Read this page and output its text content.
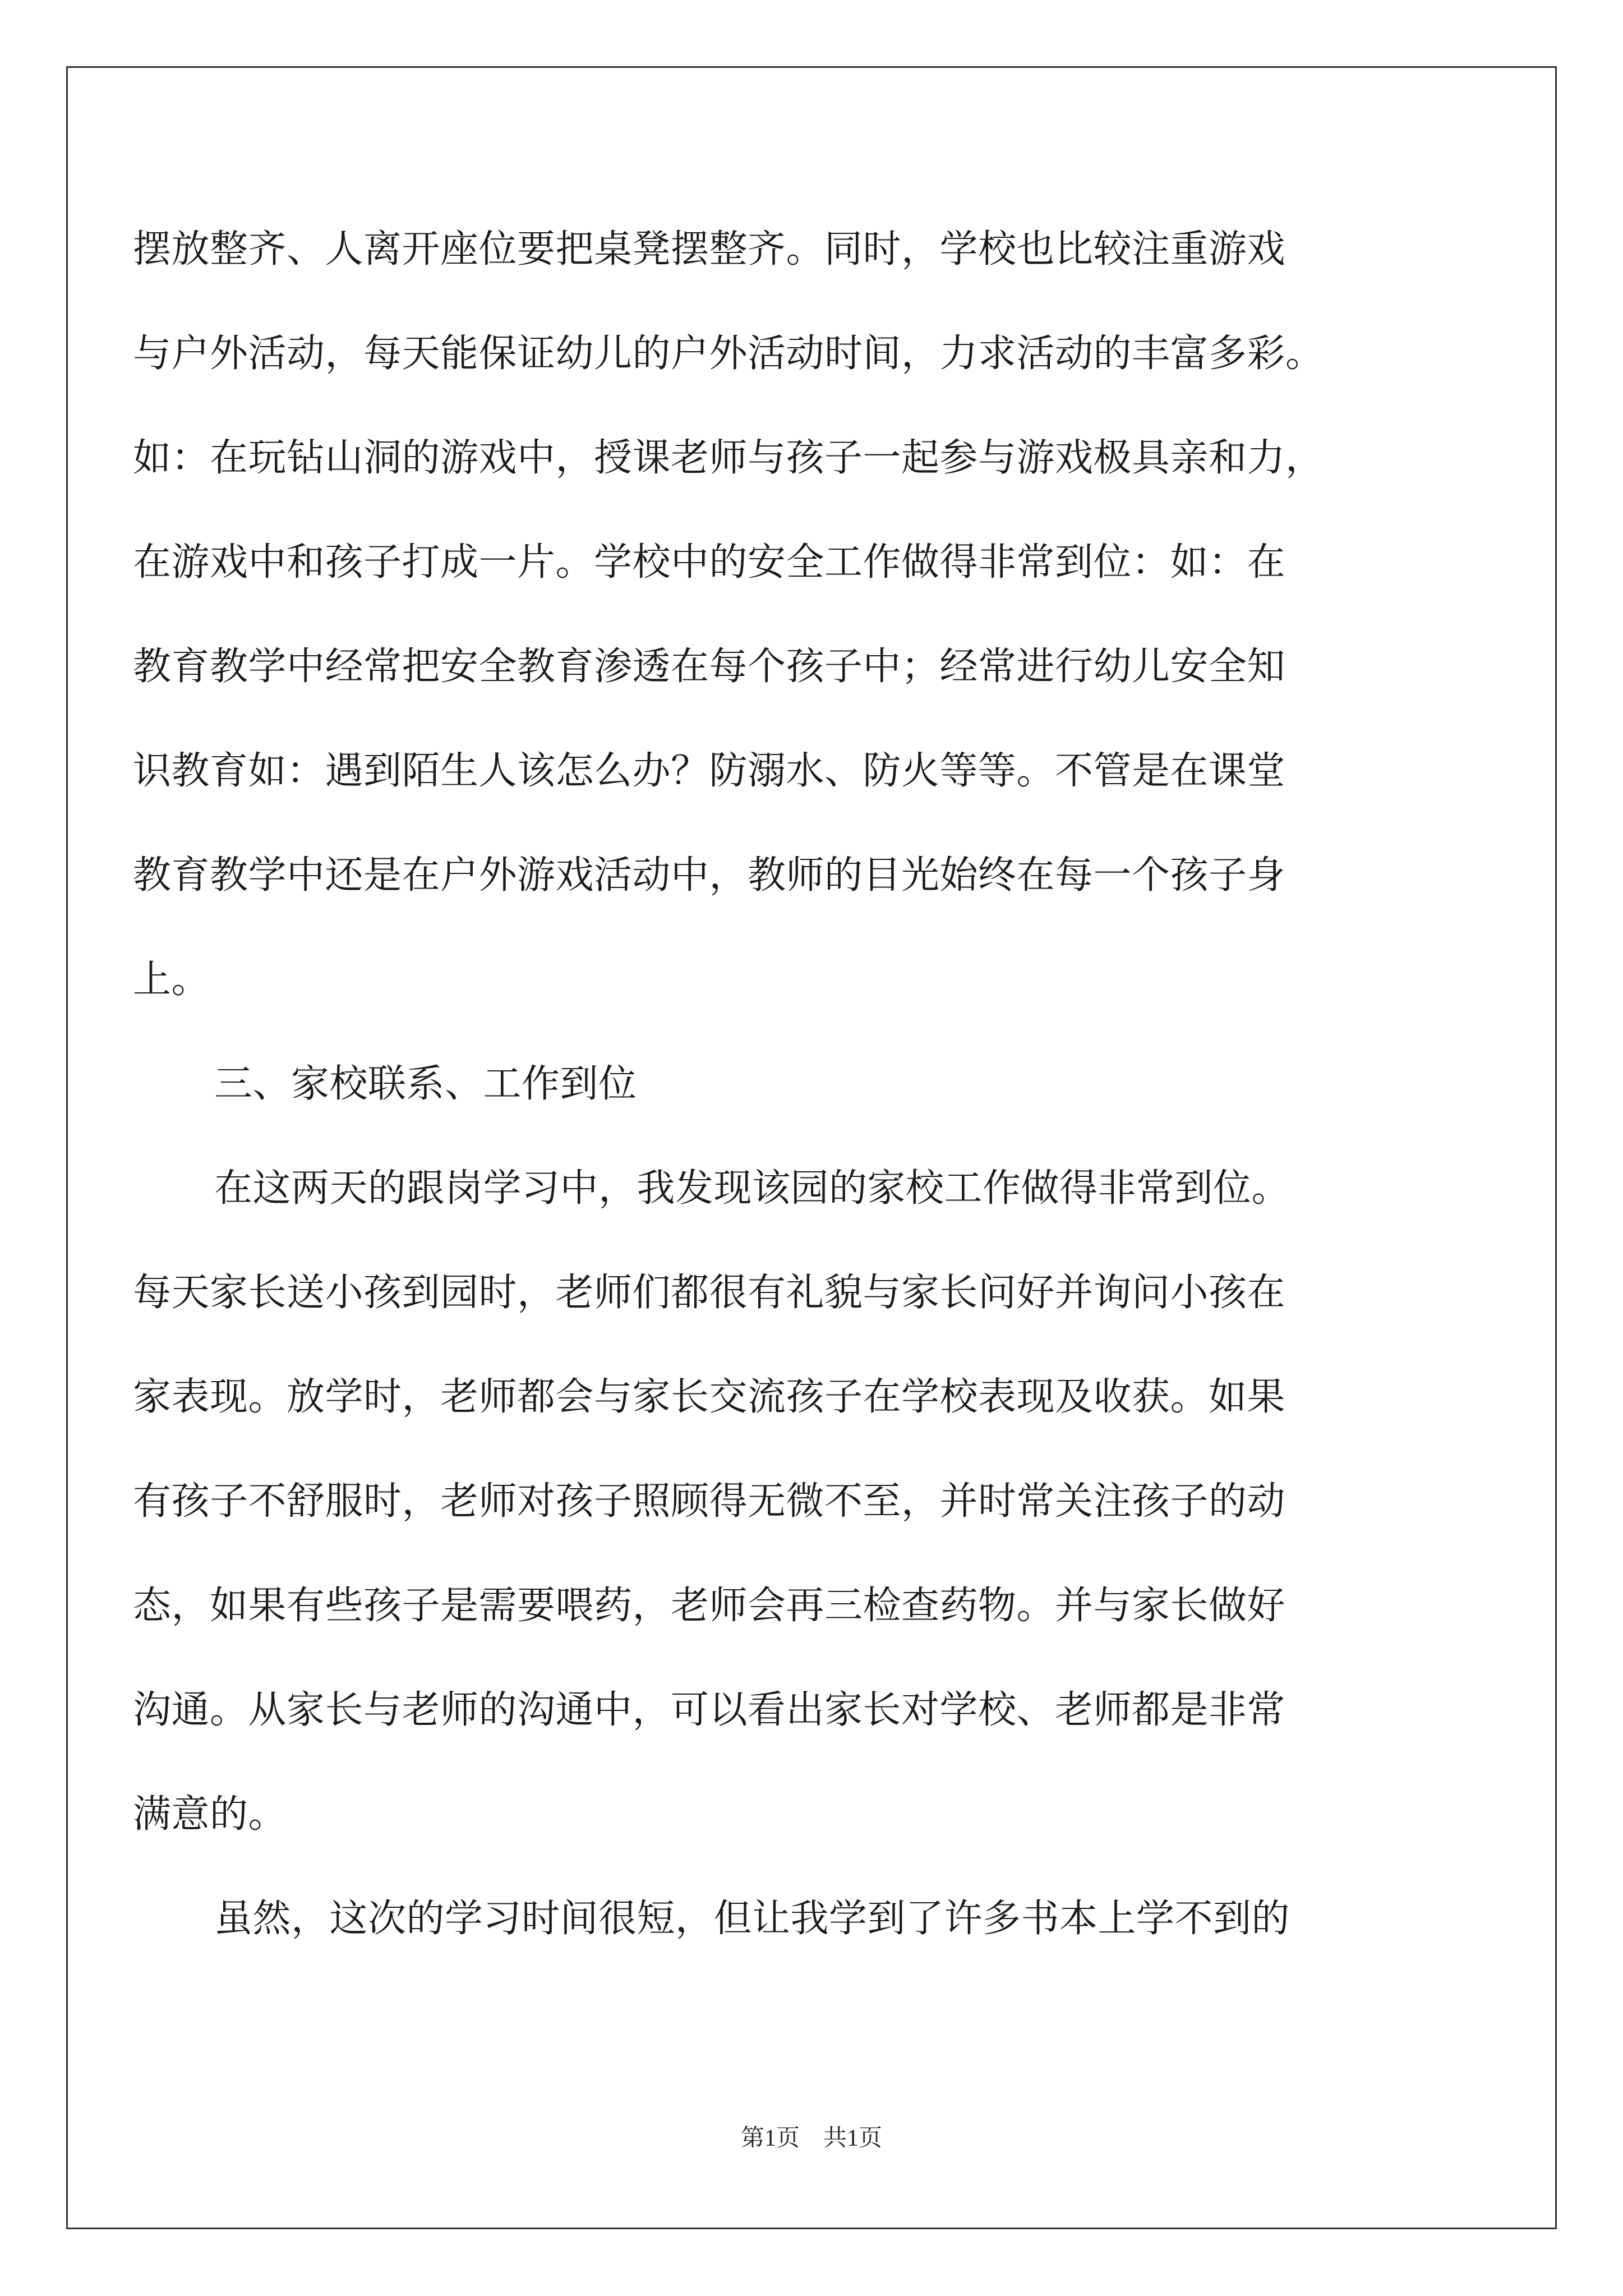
摆放整齐、人离开座位要把桌凳摆整齐。同时，学校也比较注重游戏
与户外活动，每天能保证幼儿的户外活动时间，力求活动的丰富多彩。
如：在玩钻山洞的游戏中，授课老师与孩子一起参与游戏极具亲和力，
在游戏中和孩子打成一片。学校中的安全工作做得非常到位：如：在
教育教学中经常把安全教育渗透在每个孩子中；经常进行幼儿安全知
识教育如：遇到陌生人该怎么办？防溺水、防火等等。不管是在课堂
教育教学中还是在户外游戏活动中，教师的目光始终在每一个孩子身
上。
三、家校联系、工作到位
在这两天的跟岗学习中，我发现该园的家校工作做得非常到位。
每天家长送小孩到园时，老师们都很有礼貌与家长问好并询问小孩在
家表现。放学时，老师都会与家长交流孩子在学校表现及收获。如果
有孩子不舒服时，老师对孩子照顾得无微不至，并时常关注孩子的动
态，如果有些孩子是需要喂药，老师会再三检查药物。并与家长做好
沟通。从家长与老师的沟通中，可以看出家长对学校、老师都是非常
满意的。
虽然，这次的学习时间很短，但让我学到了许多书本上学不到的
第1页　共1页
